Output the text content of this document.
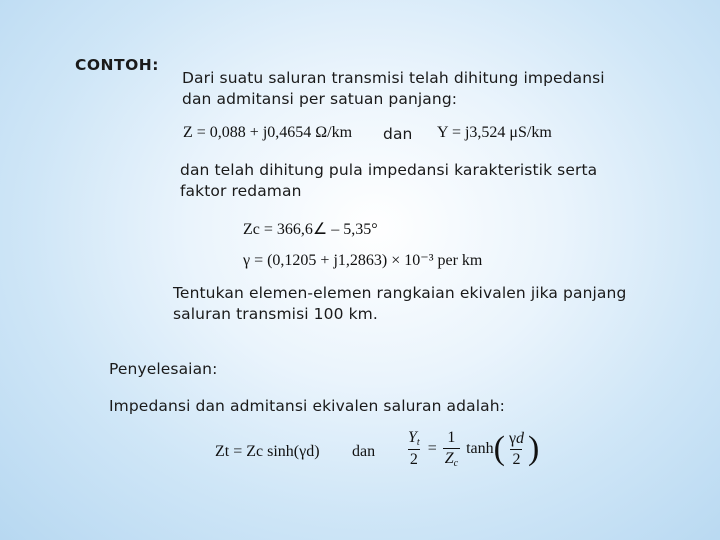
CONTOH:
Dari suatu saluran transmisi telah dihitung impedansi
dan admitansi per satuan panjang:
Z = 0,088 + j0,4654 Ω/km dan Y = j3,524 μS/km
dan telah dihitung pula impedansi karakteristik serta
faktor redaman
Zc = 366,6∠ – 5,35°
γ = (0,1205 + j1,2863) × 10⁻³ per km
Tentukan elemen-elemen rangkaian ekivalen jika panjang
saluran transmisi 100 km.
Penyelesaian:
Impedansi dan admitansi ekivalen saluran adalah:
Zt = Zc sinh(γd) dan $\frac{Y_t}{2} = \frac{1}{Z_c} \tanh( \frac{\gamma d}{2}$ )
